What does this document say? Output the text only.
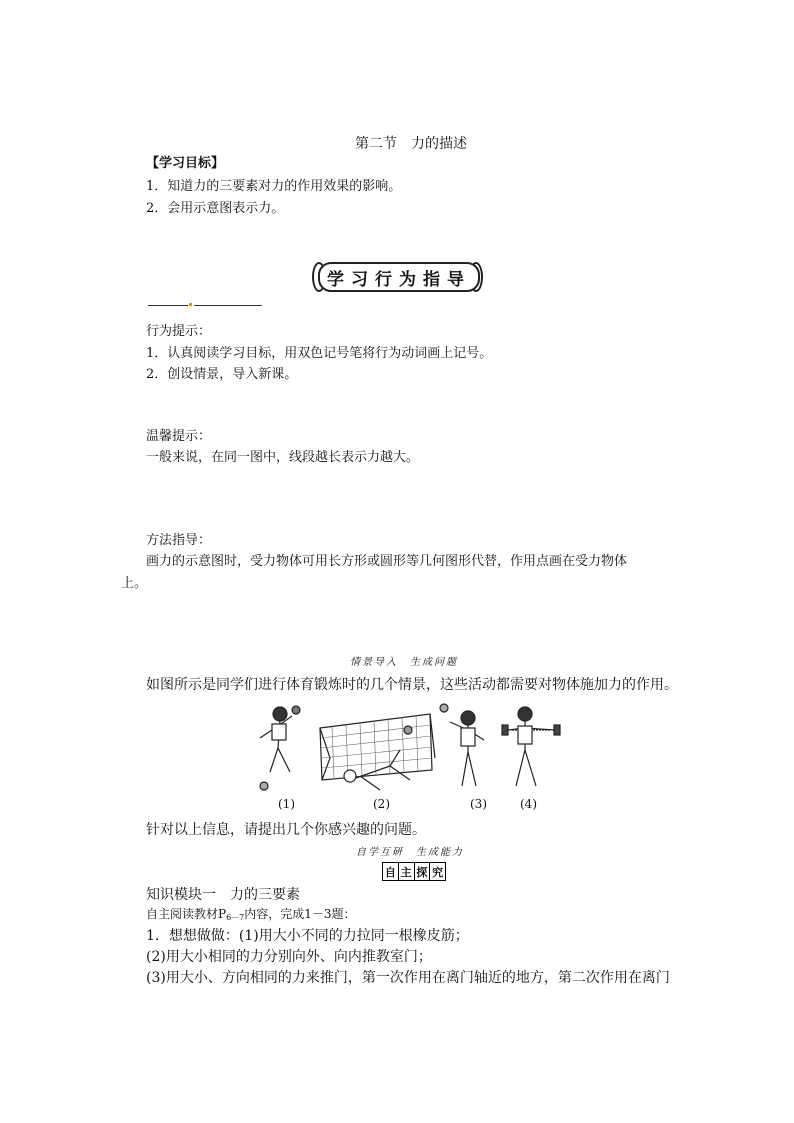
第二节　力的描述
【学习目标】
1．知道力的三要素对力的作用效果的影响。
2．会用示意图表示力。
学 习 行 为 指 导
行为提示：
1．认真阅读学习目标，用双色记号笔将行为动词画上记号。
2．创设情景，导入新课。
温馨提示：
一般来说，在同一图中，线段越长表示力越大。
方法指导：
画力的示意图时，受力物体可用长方形或圆形等几何图形代替，作用点画在受力物体
上。
情景导入　生成问题
如图所示是同学们进行体育锻炼时的几个情景，这些活动都需要对物体施加力的作用。
(1)	(2)	(3)	(4)
针对以上信息，请提出几个你感兴趣的问题。
自学互研　生成能力
自 主 探 究
知识模块一　力的三要素
自主阅读教材$P_{6-7}$内容，完成1－3题：
1．想想做做：(1)用大小不同的力拉同一根橡皮筋；
(2)用大小相同的力分别向外、向内推教室门；
(3)用大小、方向相同的力来推门，第一次作用在离门轴近的地方，第二次作用在离门
